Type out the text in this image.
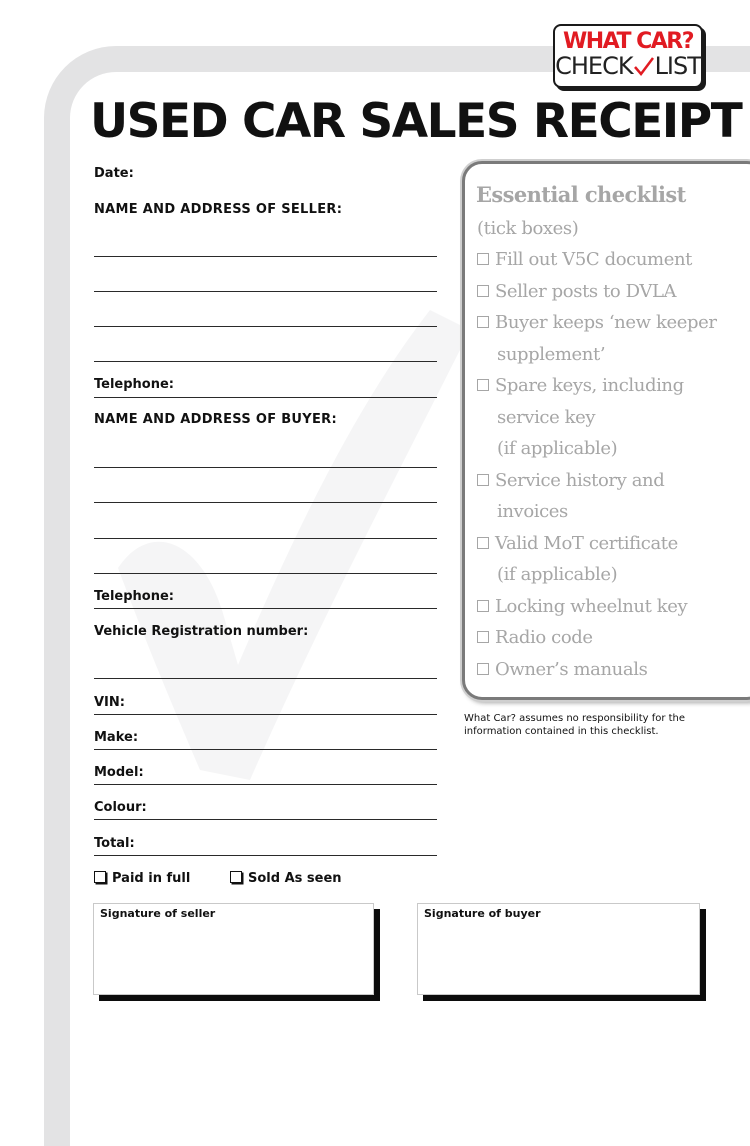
WHAT CAR?
CHECK LIST
USED CAR SALES RECEIPT
Date:
NAME AND ADDRESS OF SELLER:
Telephone:
NAME AND ADDRESS OF BUYER:
Telephone:
Vehicle Registration number:
VIN:
Make:
Model:
Colour:
Total:
Paid in full	Sold As seen
Signature of seller	Signature of buyer
Essential checklist
(tick boxes)
Fill out V5C document
Seller posts to DVLA
Buyer keeps ‘new keeper
supplement’
Spare keys, including
service key
(if applicable)
Service history and
invoices
Valid MoT certificate
(if applicable)
Locking wheelnut key
Radio code
Owner’s manuals
What Car? assumes no responsibility for the information contained in this checklist.
